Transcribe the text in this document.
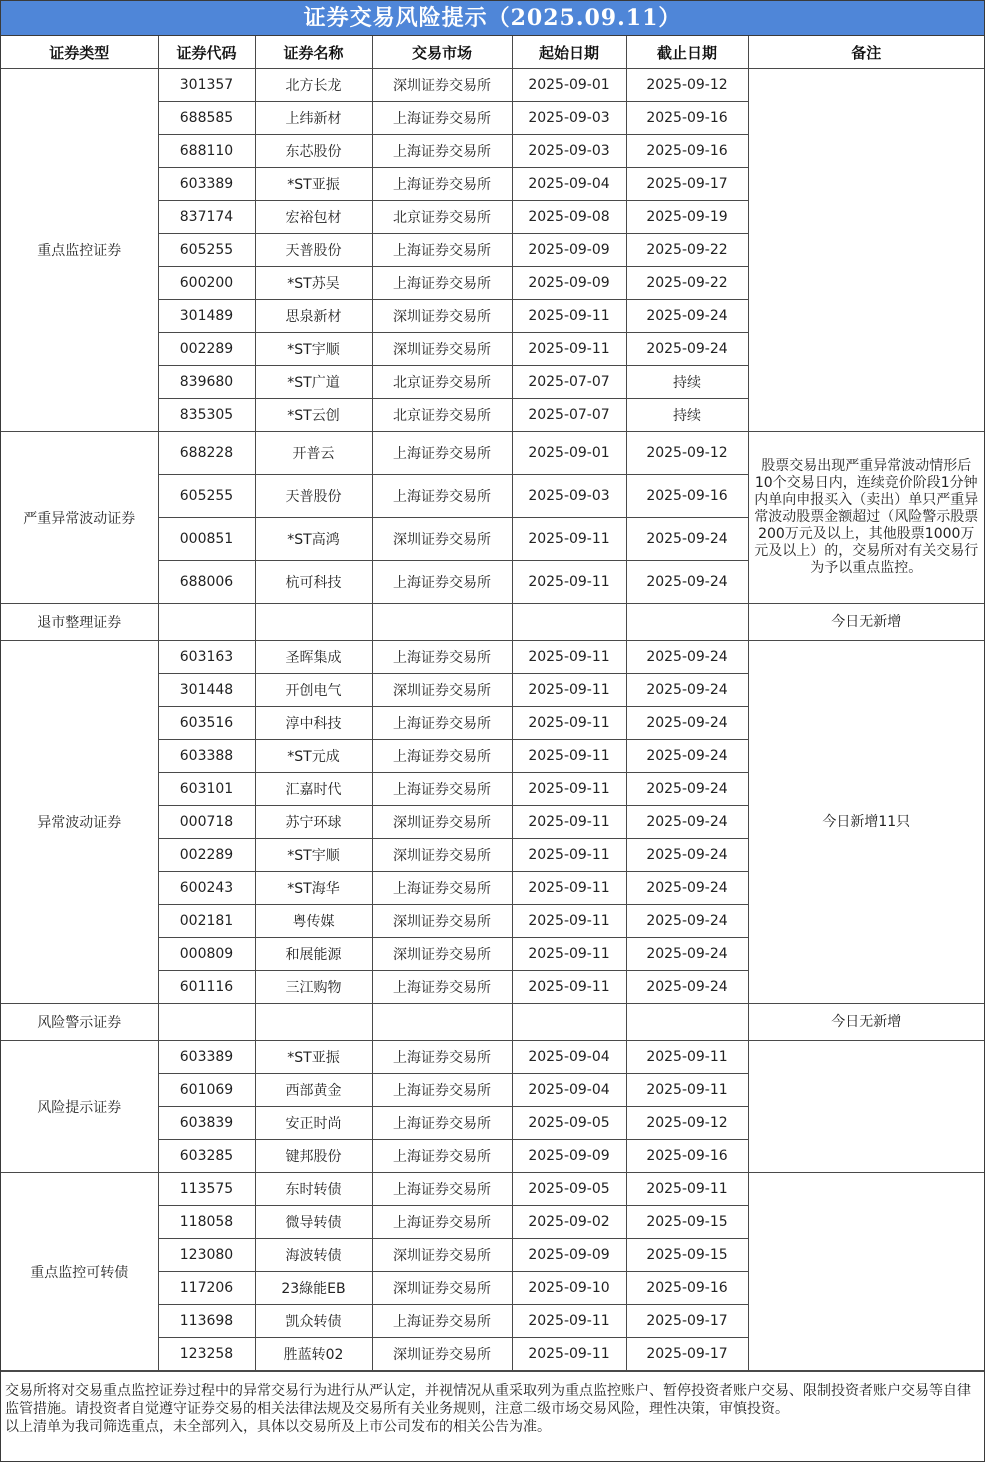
证券交易风险提示（2025.09.11）
证券类型	证券代码	证券名称	交易市场	起始日期	截止日期	备注
重点监控证券	301357	北方长龙	深圳证券交易所	2025-09-01	2025-09-12	
	688585	上纬新材	上海证券交易所	2025-09-03	2025-09-16	
	688110	东芯股份	上海证券交易所	2025-09-03	2025-09-16	
	603389	*ST亚振	上海证券交易所	2025-09-04	2025-09-17	
	837174	宏裕包材	北京证券交易所	2025-09-08	2025-09-19	
	605255	天普股份	上海证券交易所	2025-09-09	2025-09-22	
	600200	*ST苏吴	上海证券交易所	2025-09-09	2025-09-22	
	301489	思泉新材	深圳证券交易所	2025-09-11	2025-09-24	
	002289	*ST宇顺	深圳证券交易所	2025-09-11	2025-09-24	
	839680	*ST广道	北京证券交易所	2025-07-07	持续	
	835305	*ST云创	北京证券交易所	2025-07-07	持续	
严重异常波动证券	688228	开普云	上海证券交易所	2025-09-01	2025-09-12	股票交易出现严重异常波动情形后10个交易日内，连续竞价阶段1分钟内单向申报买入（卖出）单只严重异常波动股票金额超过（风险警示股票200万元及以上，其他股票1000万元及以上）的，交易所对有关交易行为予以重点监控。
	605255	天普股份	上海证券交易所	2025-09-03	2025-09-16	
	000851	*ST高鸿	深圳证券交易所	2025-09-11	2025-09-24	
	688006	杭可科技	上海证券交易所	2025-09-11	2025-09-24	
退市整理证券						今日无新增
异常波动证券	603163	圣晖集成	上海证券交易所	2025-09-11	2025-09-24	今日新增11只
	301448	开创电气	深圳证券交易所	2025-09-11	2025-09-24	
	603516	淳中科技	上海证券交易所	2025-09-11	2025-09-24	
	603388	*ST元成	上海证券交易所	2025-09-11	2025-09-24	
	603101	汇嘉时代	上海证券交易所	2025-09-11	2025-09-24	
	000718	苏宁环球	深圳证券交易所	2025-09-11	2025-09-24	
	002289	*ST宇顺	深圳证券交易所	2025-09-11	2025-09-24	
	600243	*ST海华	上海证券交易所	2025-09-11	2025-09-24	
	002181	粤传媒	深圳证券交易所	2025-09-11	2025-09-24	
	000809	和展能源	深圳证券交易所	2025-09-11	2025-09-24	
	601116	三江购物	上海证券交易所	2025-09-11	2025-09-24	
风险警示证券						今日无新增
风险提示证券	603389	*ST亚振	上海证券交易所	2025-09-04	2025-09-11	
	601069	西部黄金	上海证券交易所	2025-09-04	2025-09-11	
	603839	安正时尚	上海证券交易所	2025-09-05	2025-09-12	
	603285	键邦股份	上海证券交易所	2025-09-09	2025-09-16	
重点监控可转债	113575	东时转债	上海证券交易所	2025-09-05	2025-09-11	
	118058	微导转债	上海证券交易所	2025-09-02	2025-09-15	
	123080	海波转债	深圳证券交易所	2025-09-09	2025-09-15	
	117206	23綠能EB	深圳证券交易所	2025-09-10	2025-09-16	
	113698	凯众转债	上海证券交易所	2025-09-11	2025-09-17	
	123258	胜蓝转02	深圳证券交易所	2025-09-11	2025-09-17	

交易所将对交易重点监控证券过程中的异常交易行为进行从严认定，并视情况从重采取列为重点监控账户、暂停投资者账户交易、限制投资者账户交易等自律监管措施。请投资者自觉遵守证券交易的相关法律法规及交易所有关业务规则，注意二级市场交易风险，理性决策，审慎投资。

以上清单为我司筛选重点，未全部列入，具体以交易所及上市公司发布的相关公告为准。
